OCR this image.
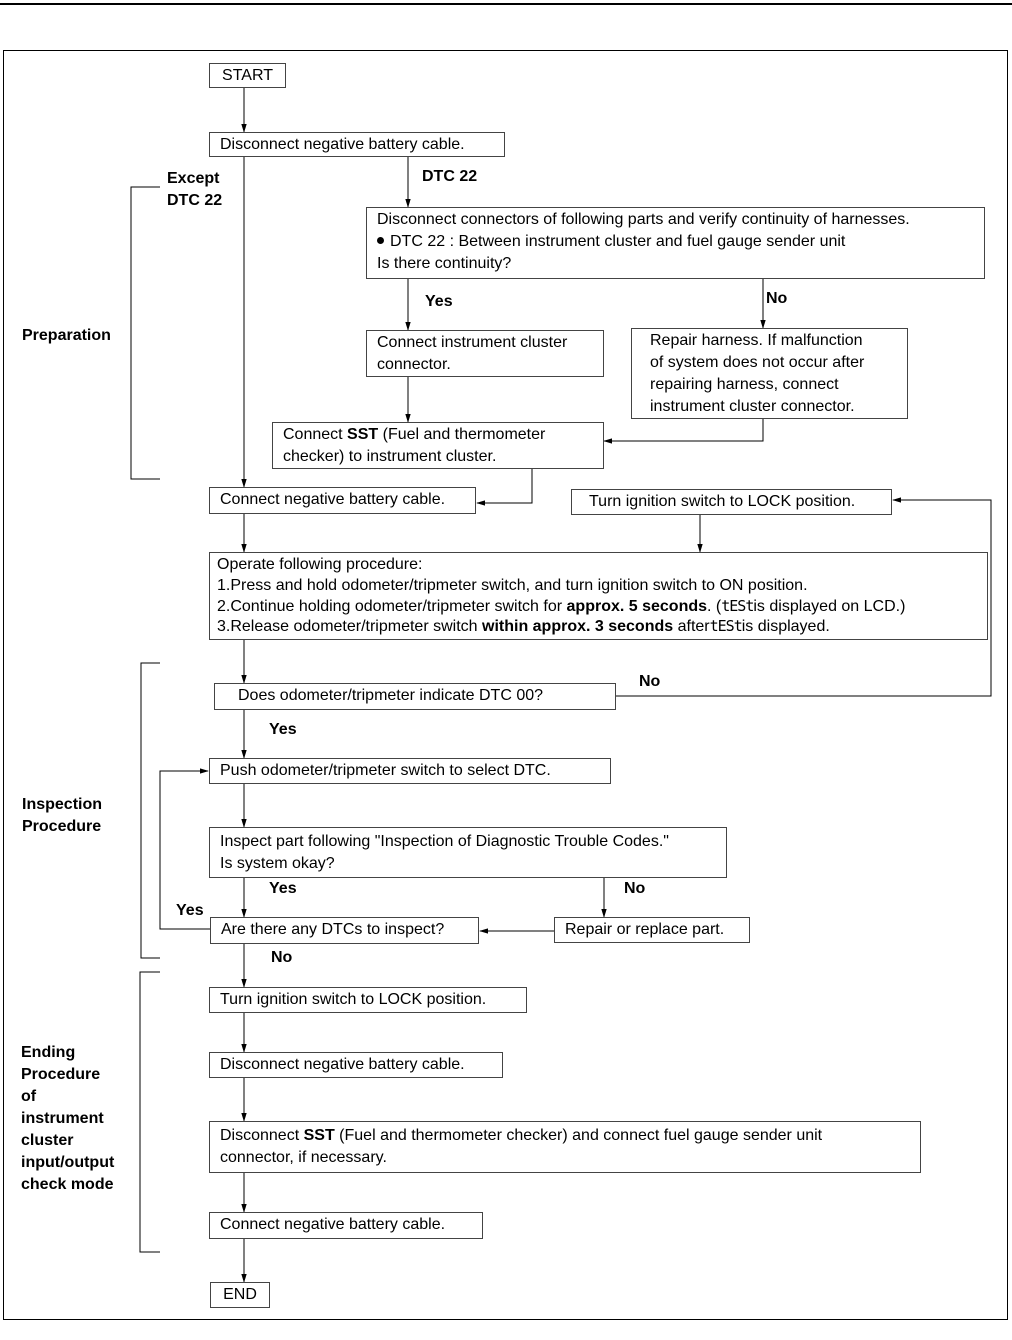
Preparation
Inspection
Procedure
Ending
Procedure
of
instrument
cluster
input/output
check mode
Except
DTC 22
DTC 22
Yes	No
No
Yes
Yes	No
Yes
No
START
Disconnect negative battery cable.
Disconnect connectors of following parts and verify continuity of harnesses.
DTC 22 : Between instrument cluster and fuel gauge sender unit
Is there continuity?
Connect instrument cluster
connector.
Repair harness. If malfunction
of system does not occur after
repairing harness, connect
instrument cluster connector.
Connect SST (Fuel and thermometer
checker) to instrument cluster.
Connect negative battery cable.	Turn ignition switch to LOCK position.
Operate following procedure:
1.Press and hold odometer/tripmeter switch, and turn ignition switch to ON position.
2.Continue holding odometer/tripmeter switch for approx. 5 seconds. (tEStis displayed on LCD.)
3.Release odometer/tripmeter switch within approx. 3 seconds aftertEStis displayed.
Does odometer/tripmeter indicate DTC 00?
Push odometer/tripmeter switch to select DTC.
Inspect part following "Inspection of Diagnostic Trouble Codes."
Is system okay?
Are there any DTCs to inspect?	Repair or replace part.
Turn ignition switch to LOCK position.
Disconnect negative battery cable.
Disconnect SST (Fuel and thermometer checker) and connect fuel gauge sender unit
connector, if necessary.
Connect negative battery cable.
END
